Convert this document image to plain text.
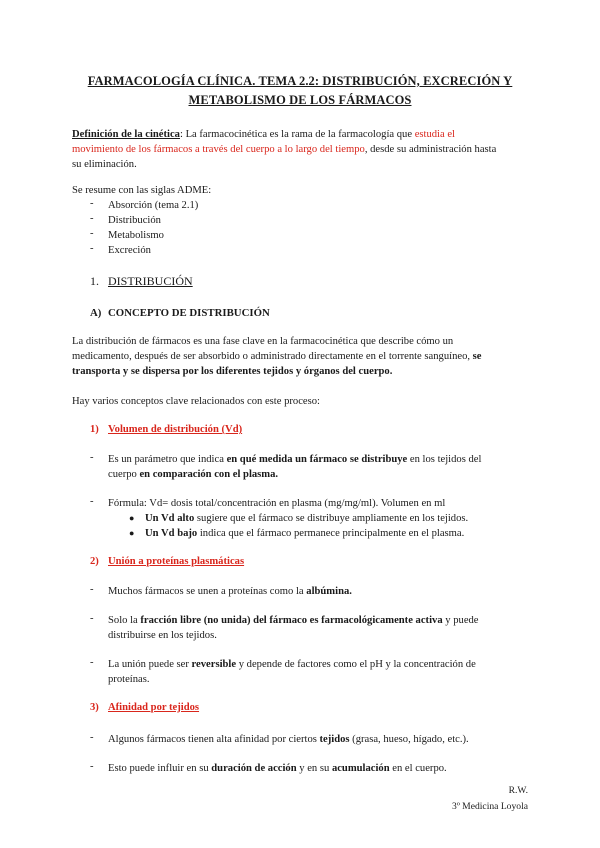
FARMACOLOGÍA CLÍNICA. TEMA 2.2: DISTRIBUCIÓN, EXCRECIÓN Y
METABOLISMO DE LOS FÁRMACOS
Definición de la cinética: La farmacocinética es la rama de la farmacología que estudia el
movimiento de los fármacos a través del cuerpo a lo largo del tiempo, desde su administración hasta
su eliminación.
Se resume con las siglas ADME:
- Absorción (tema 2.1)
- Distribución
- Metabolismo
- Excreción
1. DISTRIBUCIÓN
A) CONCEPTO DE DISTRIBUCIÓN
La distribución de fármacos es una fase clave en la farmacocinética que describe cómo un
medicamento, después de ser absorbido o administrado directamente en el torrente sanguíneo, se
transporta y se dispersa por los diferentes tejidos y órganos del cuerpo.
Hay varios conceptos clave relacionados con este proceso:
1) Volumen de distribución (Vd)
- Es un parámetro que indica en qué medida un fármaco se distribuye en los tejidos del
cuerpo en comparación con el plasma.
- Fórmula: Vd= dosis total/concentración en plasma (mg/mg/ml). Volumen en ml
● Un Vd alto sugiere que el fármaco se distribuye ampliamente en los tejidos.
● Un Vd bajo indica que el fármaco permanece principalmente en el plasma.
2) Unión a proteínas plasmáticas
- Muchos fármacos se unen a proteínas como la albúmina.
- Solo la fracción libre (no unida) del fármaco es farmacológicamente activa y puede
distribuirse en los tejidos.
- La unión puede ser reversible y depende de factores como el pH y la concentración de
proteínas.
3) Afinidad por tejidos
- Algunos fármacos tienen alta afinidad por ciertos tejidos (grasa, hueso, hígado, etc.).
- Esto puede influir en su duración de acción y en su acumulación en el cuerpo.
R.W.
3º Medicina Loyola
